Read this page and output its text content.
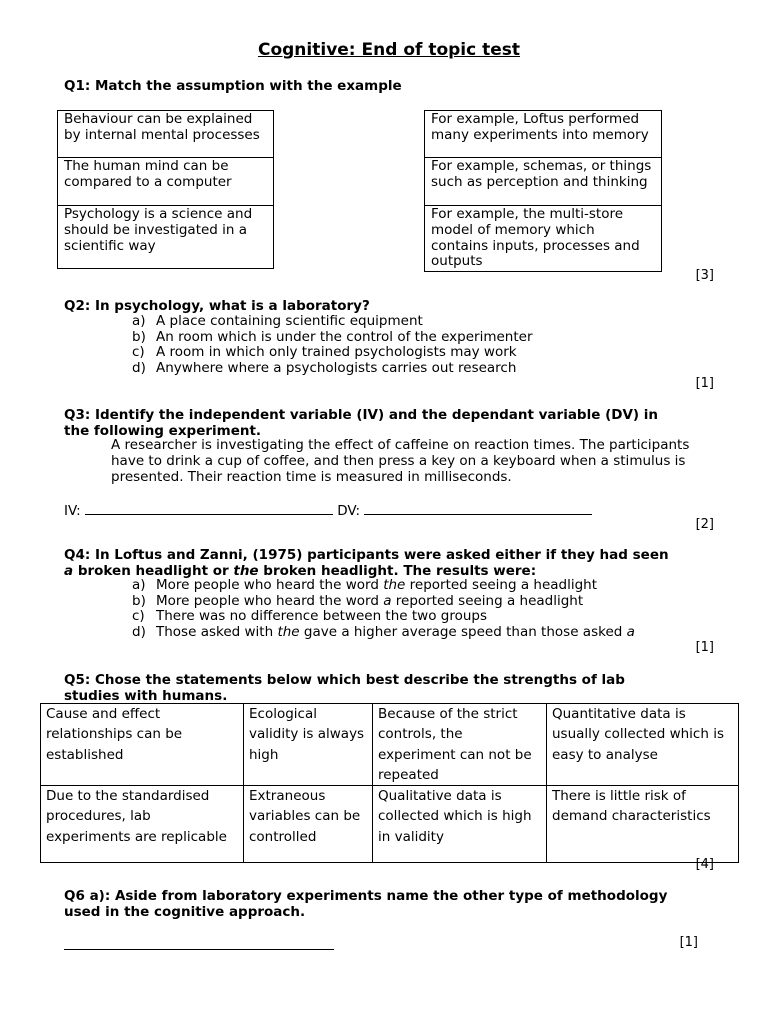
Cognitive: End of topic test
Q1: Match the assumption with the example
Behaviour can be explained by internal mental processes
The human mind can be compared to a computer
Psychology is a science and should be investigated in a scientific way
For example, Loftus performed many experiments into memory
For example, schemas, or things such as perception and thinking
For example, the multi-store model of memory which contains inputs, processes and outputs
[3]
Q2: In psychology, what is a laboratory?
a) A place containing scientific equipment
b) An room which is under the control of the experimenter
c) A room in which only trained psychologists may work
d) Anywhere where a psychologists carries out research
[1]
Q3: Identify the independent variable (IV) and the dependant variable (DV) in
the following experiment.
A researcher is investigating the effect of caffeine on reaction times. The participants have to drink a cup of coffee, and then press a key on a keyboard when a stimulus is presented. Their reaction time is measured in milliseconds.
IV:	DV:
[2]
Q4: In Loftus and Zanni, (1975) participants were asked either if they had seen
a broken headlight or the broken headlight. The results were:
a) More people who heard the word the reported seeing a headlight
b) More people who heard the word a reported seeing a headlight
c) There was no difference between the two groups
d) Those asked with the gave a higher average speed than those asked a
[1]
Q5: Chose the statements below which best describe the strengths of lab
studies with humans.
Cause and effect relationships can be established	Ecological validity is always high	Because of the strict controls, the experiment can not be repeated	Quantitative data is usually collected which is easy to analyse
Due to the standardised procedures, lab experiments are replicable	Extraneous variables can be controlled	Qualitative data is collected which is high in validity	There is little risk of demand characteristics
[4]
Q6 a): Aside from laboratory experiments name the other type of methodology
used in the cognitive approach.
[1]
